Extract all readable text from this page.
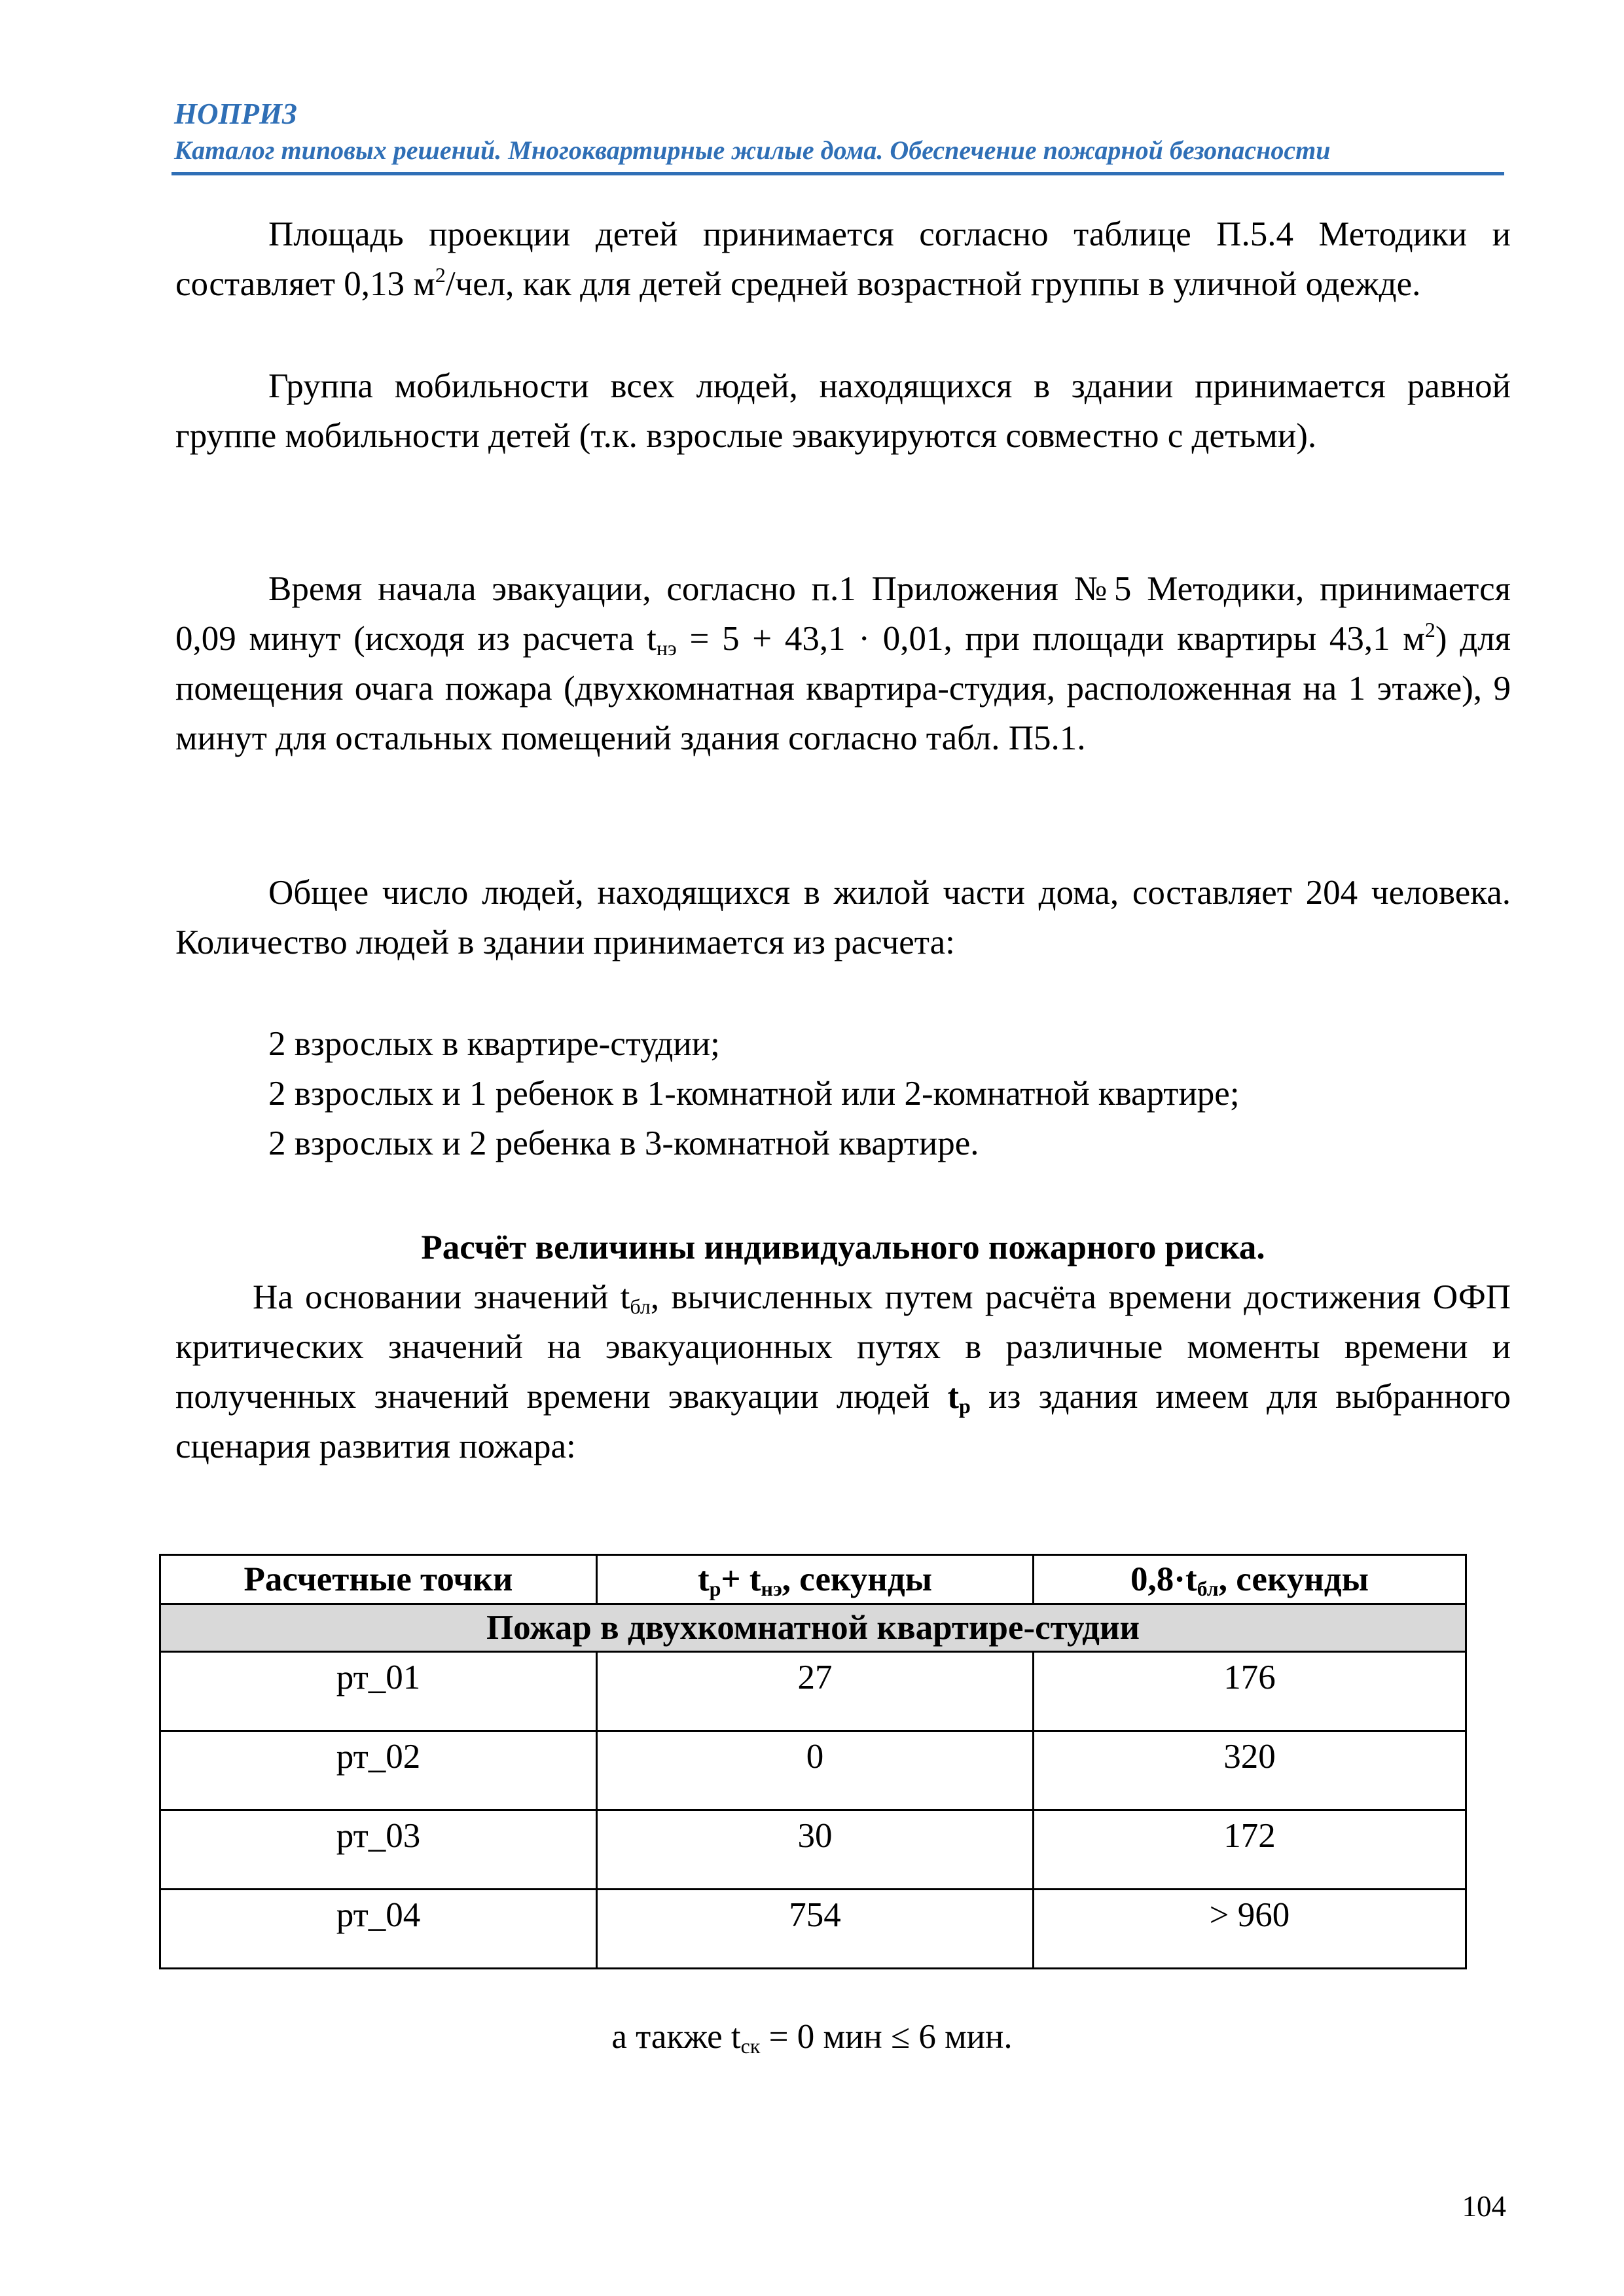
НОПРИЗ
Каталог типовых решений. Многоквартирные жилые дома. Обеспечение пожарной безопасности

Площадь проекции детей принимается согласно таблице П.5.4 Методики и составляет 0,13 $м^2$/чел, как для детей средней возрастной группы в уличной одежде.

Группа мобильности всех людей, находящихся в здании принимается равной группе мобильности детей (т.к. взрослые эвакуируются совместно с детьми).

Время начала эвакуации, согласно п.1 Приложения №5 Методики, принимается 0,09 минут (исходя из расчета $t_{нэ} = 5 + 43,1 \cdot 0,01$, при площади квартиры 43,1 $м^2$) для помещения очага пожара (двухкомнатная квартира-студия, расположенная на 1 этаже), 9 минут для остальных помещений здания согласно табл. П5.1.

Общее число людей, находящихся в жилой части дома, составляет 204 человека. Количество людей в здании принимается из расчета:

2 взрослых в квартире-студии;

2 взрослых и 1 ребенок в 1-комнатной или 2-комнатной квартире;

2 взрослых и 2 ребенка в 3-комнатной квартире.

Расчёт величины индивидуального пожарного риска.

На основании значений $t_{бл}$, вычисленных путем расчёта времени достижения ОФП критических значений на эвакуационных путях в различные моменты времени и полученных значений времени эвакуации людей $t_р$ из здания имеем для выбранного сценария развития пожара:

Расчетные точки	$t_р+ t_{нэ}$, секунды	$0,8\cdot t_{бл}$, секунды
Пожар в двухкомнатной квартире-студии		
рт_01	27	176
рт_02	0	320
рт_03	30	172
рт_04	754	> 960
а также $t_{ск} = 0$ мин ≤ 6 мин.
104
